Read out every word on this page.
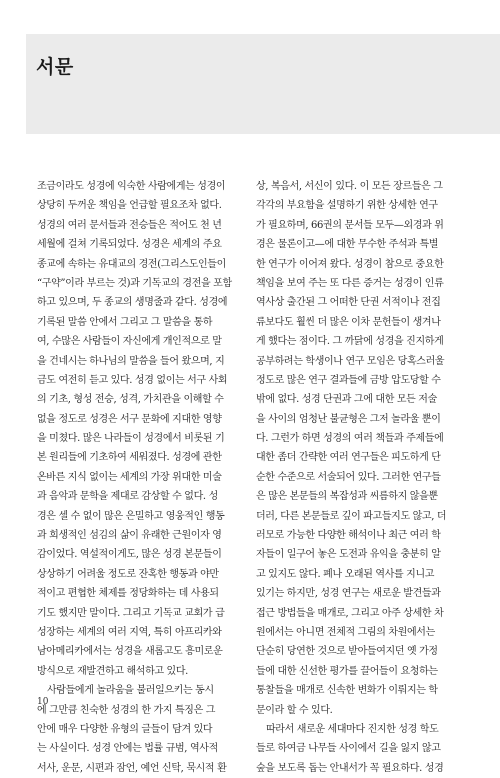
서문
조금이라도 성경에 익숙한 사람에게는 성경이
상당히 두꺼운 책임을 언급할 필요조차 없다.
성경의 여러 문서들과 전승들은 적어도 천 년
세월에 걸쳐 기록되었다. 성경은 세계의 주요
종교에 속하는 유대교의 경전(그리스도인들이
“구약”이라 부르는 것)과 기독교의 경전을 포함
하고 있으며, 두 종교의 생명줄과 같다. 성경에
기록된 말씀 안에서 그리고 그 말씀을 통하
여, 수많은 사람들이 자신에게 개인적으로 말
을 건네시는 하나님의 말씀을 들어 왔으며, 지
금도 여전히 듣고 있다. 성경 없이는 서구 사회
의 기초, 형성 전승, 성격, 가치관을 이해할 수
없을 정도로 성경은 서구 문화에 지대한 영향
을 미쳤다. 많은 나라들이 성경에서 비롯된 기
본 원리들에 기초하여 세워졌다. 성경에 관한
온바른 지식 없이는 세계의 가장 위대한 미술
과 음악과 문학을 제대로 감상할 수 없다. 성
경은 셀 수 없이 많은 은밀하고 영웅적인 행동
과 희생적인 섬김의 삶이 유래한 근원이자 영
감이었다. 역설적이게도, 많은 성경 본문들이
상상하기 어려울 정도로 잔혹한 행동과 야만
적이고 편협한 체제를 정당화하는 데 사용되
기도 했지만 말이다. 그리고 기독교 교회가 급
성장하는 세계의 여러 지역, 특히 아프리카와
남아메리카에서는 성경을 새롭고도 흥미로운
방식으로 재발견하고 해석하고 있다.
사람들에게 놀라움을 불러일으키는 동시
에 그만큼 친숙한 성경의 한 가지 특징은 그
안에 매우 다양한 유형의 글들이 담겨 있다
는 사실이다. 성경 안에는 법률 규범, 역사적
서사, 운문, 시편과 잠언, 예언 신탁, 묵시적 환
상, 복음서, 서신이 있다. 이 모든 장르들은 그
각각의 부요함을 설명하기 위한 상세한 연구
가 필요하며, 66권의 문서들 모두—외경과 위
경은 물론이고—에 대한 무수한 주석과 특별
한 연구가 이어져 왔다. 성경이 참으로 중요한
책임을 보여 주는 또 다른 증거는 성경이 인류
역사상 출간된 그 어떠한 단권 서적이나 전집
류보다도 훨씬 더 많은 이차 문헌들이 생겨나
게 했다는 점이다. 그 까닭에 성경을 진지하게
공부하려는 학생이나 연구 모임은 당혹스러울
정도로 많은 연구 결과들에 금방 압도당할 수
밖에 없다. 성경 단권과 그에 대한 모든 저술
을 사이의 엄청난 불균형은 그저 놀라울 뿐이
다. 그런가 하면 성경의 여러 책들과 주제들에
대한 좀더 간략한 여러 연구들은 피도하게 단
순한 수준으로 서술되어 있다. 그러한 연구들
은 많은 본문들의 복잡성과 씨름하지 않을뿐
더러, 다른 본문들로 깊이 파고들지도 않고, 더
러모로 가능한 다양한 해석이나 최근 여러 학
자들이 일구어 놓은 도전과 유익을 충분히 알
고 있지도 않다. 폐나 오래된 역사를 지니고
있기는 하지만, 성경 연구는 새로운 발견들과
접근 방법들을 매개로, 그리고 아주 상세한 차
원에서는 아니면 전체적 그림의 차원에서는
단순히 당연한 것으로 받아들여지던 옛 가정
들에 대한 신선한 평가를 끌어들이 요청하는
통찰들을 매개로 신속한 변화가 이뤄지는 학
문이라 할 수 있다.
따라서 새로운 세대마다 진지한 성경 학도
들로 하여금 나무들 사이에서 길을 잃지 않고
숲을 보도록 돕는 안내서가 꼭 필요하다. 성경
10
